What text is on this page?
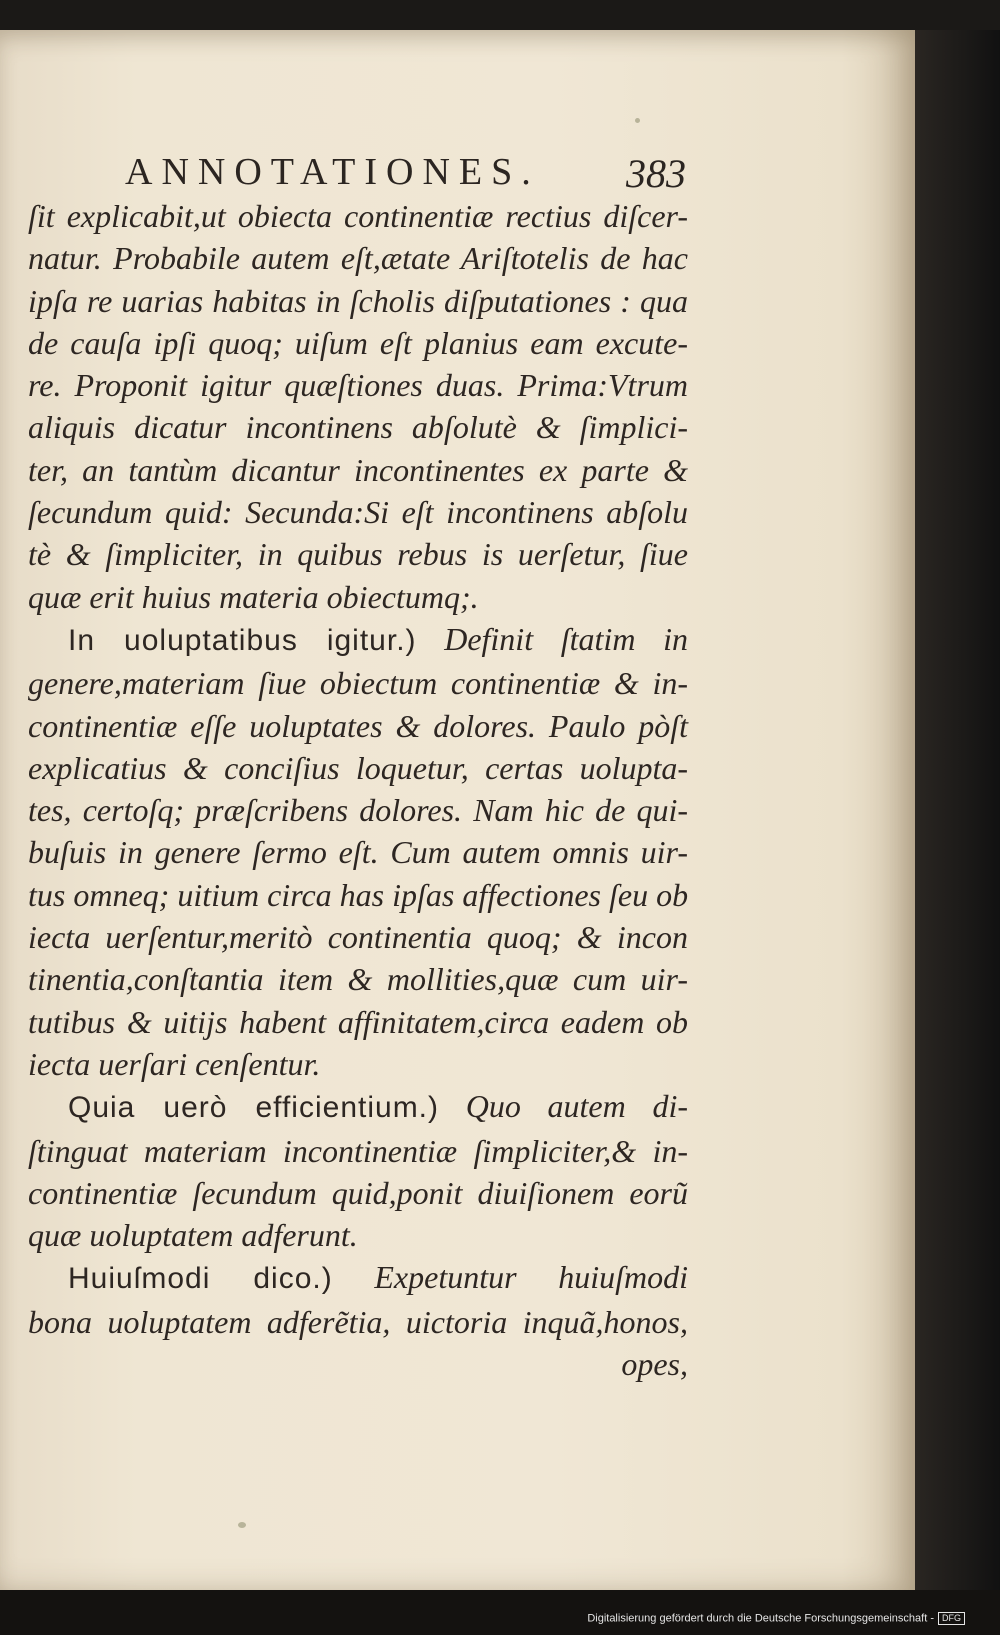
ANNOTATIONES. 383
ſit explicabit,ut obiecta continentiæ rectius diſcer-
natur. Probabile autem eſt,ætate Ariſtotelis de hac
ipſa re uarias habitas in ſcholis diſputationes : qua
de cauſa ipſi quoq; uiſum eſt planius eam excute-
re. Proponit igitur quæſtiones duas. Prima:Vtrum
aliquis dicatur incontinens abſolutè & ſimplici-
ter, an tantùm dicantur incontinentes ex parte &
ſecundum quid: Secunda:Si eſt incontinens abſolu
tè & ſimpliciter, in quibus rebus is uerſetur, ſiue
quæ erit huius materia obiectumq;.
In uoluptatibus igitur.) Definit ſtatim in
genere,materiam ſiue obiectum continentiæ & in-
continentiæ eſſe uoluptates & dolores. Paulo pòſt
explicatius & conciſius loquetur, certas uolupta-
tes, certoſq; præſcribens dolores. Nam hic de qui-
buſuis in genere ſermo eſt. Cum autem omnis uir-
tus omneq; uitium circa has ipſas affectiones ſeu ob
iecta uerſentur,meritò continentia quoq; & incon
tinentia,conſtantia item & mollities,quæ cum uir-
tutibus & uitijs habent affinitatem,circa eadem ob
iecta uerſari cenſentur.
Quia uerò efficientium.) Quo autem di-
ſtinguat materiam incontinentiæ ſimpliciter,& in-
continentiæ ſecundum quid,ponit diuiſionem eorũ
quæ uoluptatem adferunt.
Huiuſmodi dico.) Expetuntur huiuſmodi
bona uoluptatem adferẽtia, uictoria inquã,honos,
opes,
Digitalisierung gefördert durch die Deutsche Forschungsgemeinschaft - DFG
